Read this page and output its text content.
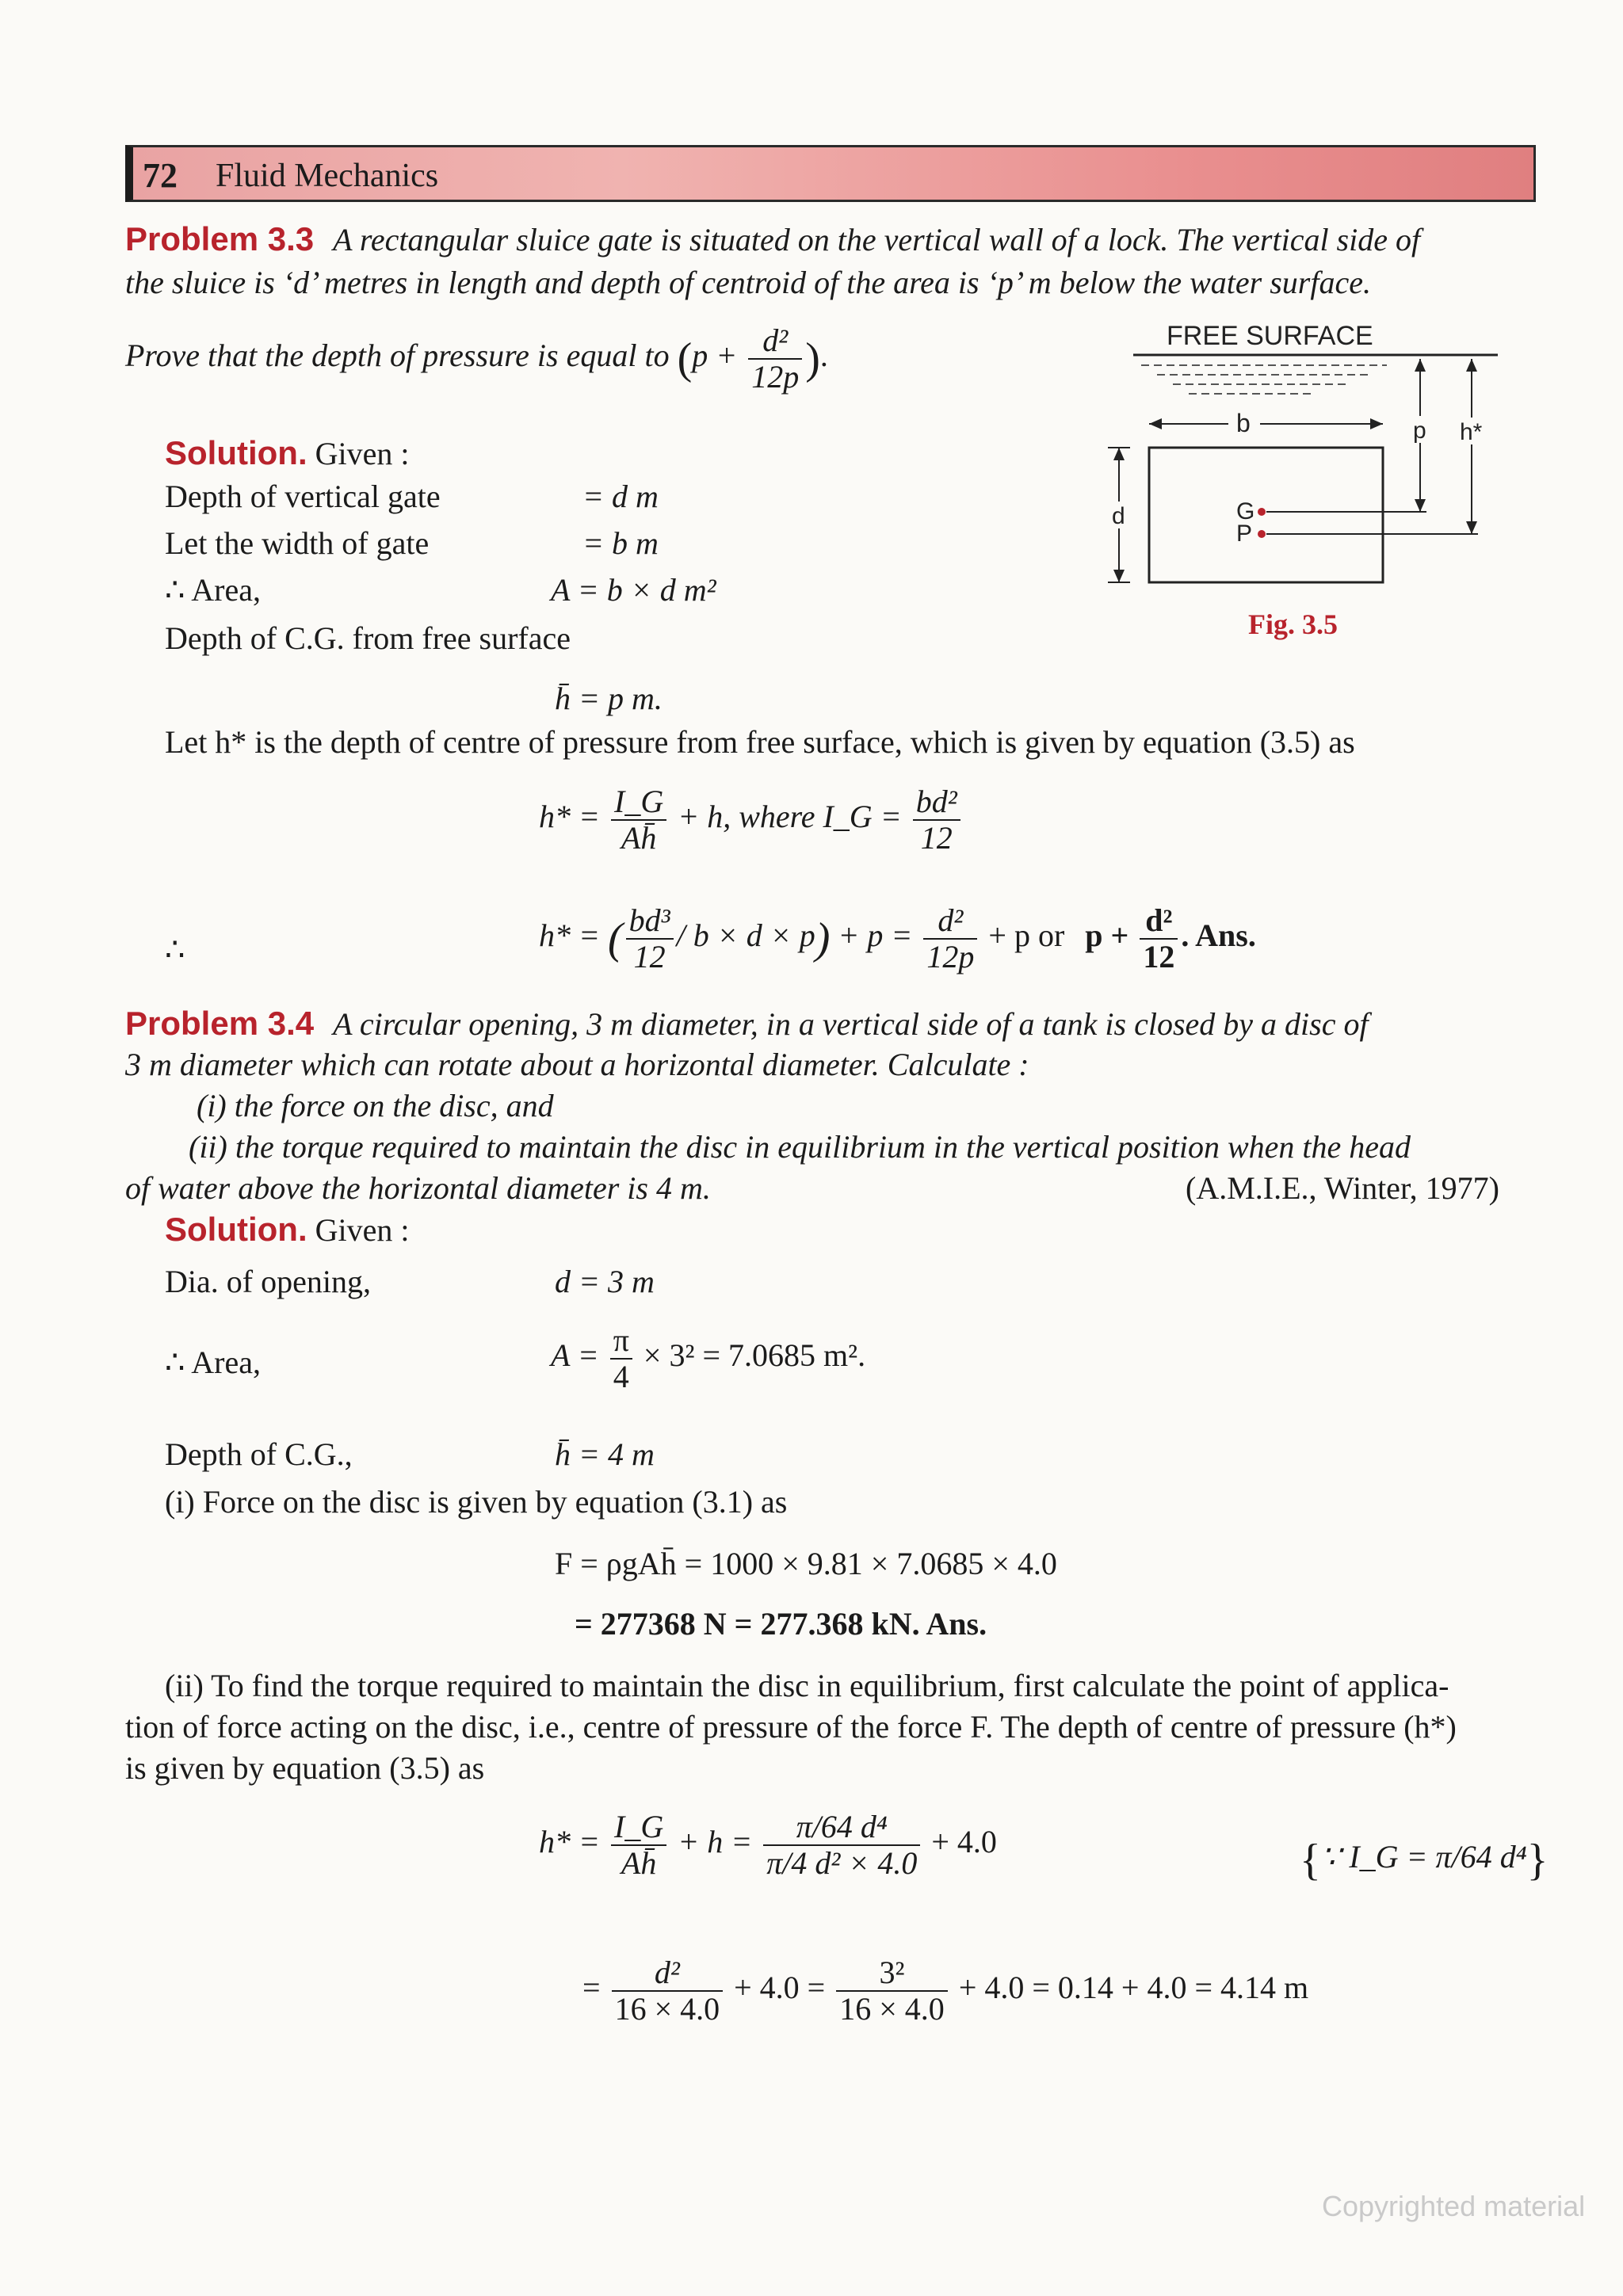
72 Fluid Mechanics
Problem 3.3 A rectangular sluice gate is situated on the vertical wall of a lock. The vertical side of
the sluice is ‘d’ metres in length and depth of centroid of the area is ‘p’ m below the water surface.
Prove that the depth of pressure is equal to ($p + \frac{\text{d²}}{12p}$ ).
Solution. Given :
Depth of vertical gate	= d m
Let the width of gate	= b m
∴ Area,	A = b × d m²
Depth of C.G. from free surface
h̄ = p m.
Let h* is the depth of centre of pressure from free surface, which is given by equation (3.5) as
$h* = \frac{I\_G}{Ah̄} + h$, where I_G = $\frac{\text{bd²}}{12}$
∴	h* = ( $\frac{\text{bd³}}{12} / b \times d \times p) + p = \frac{\text{d²}}{12p} + p$ or $p + \frac{\text{d²}}{12}$ . Ans.
FREE SURFACE
b
d	G
P
p h*
Fig. 3.5
Problem 3.4 A circular opening, 3 m diameter, in a vertical side of a tank is closed by a disc of
3 m diameter which can rotate about a horizontal diameter. Calculate :
(i) the force on the disc, and
(ii) the torque required to maintain the disc in equilibrium in the vertical position when the head
of water above the horizontal diameter is 4 m.	(A.M.I.E., Winter, 1977)
Solution. Given :
Dia. of opening,	d = 3 m
∴ Area,	$A = \frac{\pi}{4} \times 3^2 = 7.0685$ m².
Depth of C.G.,	h̄ = 4 m
(i) Force on the disc is given by equation (3.1) as
F = ρgAh̄ = 1000 × 9.81 × 7.0685 × 4.0
= 277368 N = 277.368 kN. Ans.
(ii) To find the torque required to maintain the disc in equilibrium, first calculate the point of applica-
tion of force acting on the disc, i.e., centre of pressure of the force F. The depth of centre of pressure (h*)
is given by equation (3.5) as
$h* = \frac{I\_G}{Ah̄} + h = \frac{\text{π/64 d⁴}}{\text{π/4 d² × 4.0}} + 4.0$	{∵ I_G = π/64 d⁴}
= $\frac{\text{d²}}{16 \times 4.0} + 4.0 = \frac{\text{3²}}{16 \times 4.0} + 4.0 = 0.14 + 4.0 = 4.14$ m
Copyrighted material
